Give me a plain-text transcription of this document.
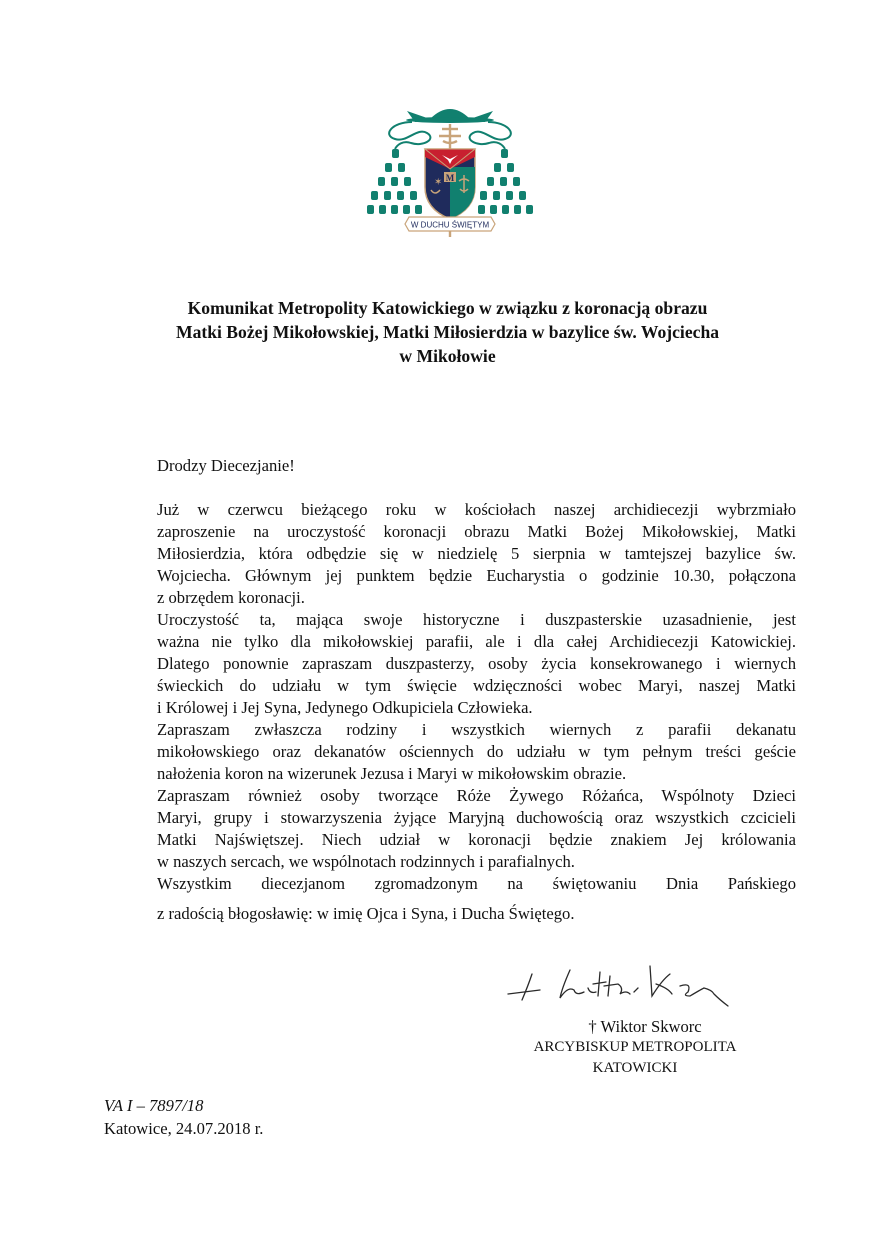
M
✶
W DUCHU ŚWIĘTYM
Komunikat Metropolity Katowickiego w związku z koronacją obrazu
Matki Bożej Mikołowskiej, Matki Miłosierdzia w bazylice św. Wojciecha
w Mikołowie
Drodzy Diecezjanie!

Już w czerwcu bieżącego roku w kościołach naszej archidiecezji wybrzmiało
zaproszenie na uroczystość koronacji obrazu Matki Bożej Mikołowskiej, Matki
Miłosierdzia, która odbędzie się w niedzielę 5 sierpnia w tamtejszej bazylice św.
Wojciecha. Głównym jej punktem będzie Eucharystia o godzinie 10.30, połączona
z obrzędem koronacji.

Uroczystość ta, mająca swoje historyczne i duszpasterskie uzasadnienie, jest
ważna nie tylko dla mikołowskiej parafii, ale i dla całej Archidiecezji Katowickiej.
Dlatego ponownie zapraszam duszpasterzy, osoby życia konsekrowanego i wiernych
świeckich do udziału w tym święcie wdzięczności wobec Maryi, naszej Matki
i Królowej i Jej Syna, Jedynego Odkupiciela Człowieka.

Zapraszam zwłaszcza rodziny i wszystkich wiernych z parafii dekanatu
mikołowskiego oraz dekanatów ościennych do udziału w tym pełnym treści geście
nałożenia koron na wizerunek Jezusa i Maryi w mikołowskim obrazie.

Zapraszam również osoby tworzące Róże Żywego Różańca, Wspólnoty Dzieci
Maryi, grupy i stowarzyszenia żyjące Maryjną duchowością oraz wszystkich czcicieli
Matki Najświętszej. Niech udział w koronacji będzie znakiem Jej królowania
w naszych sercach, we wspólnotach rodzinnych i parafialnych.

Wszystkim diecezjanom zgromadzonym na świętowaniu Dnia Pańskiego
z radością błogosławię: w imię Ojca i Syna, i Ducha Świętego.

† Wiktor Skworc
ARCYBISKUP METROPOLITA
KATOWICKI
VA I – 7897/18
Katowice, 24.07.2018 r.
